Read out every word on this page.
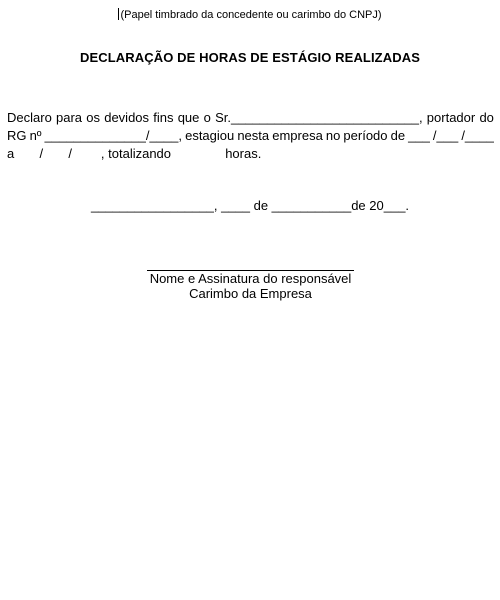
(Papel timbrado da concedente ou carimbo do CNPJ)
DECLARAÇÃO DE HORAS DE ESTÁGIO REALIZADAS
Declaro para os devidos fins que o Sr.__________________________, portador do
RG nº ______________/____, estagiou nesta empresa no período de ___ /___ /____
a       /       /        , totalizando               horas.
_________________, ____ de ___________de 20___.
Nome e Assinatura do responsável
Carimbo da Empresa
